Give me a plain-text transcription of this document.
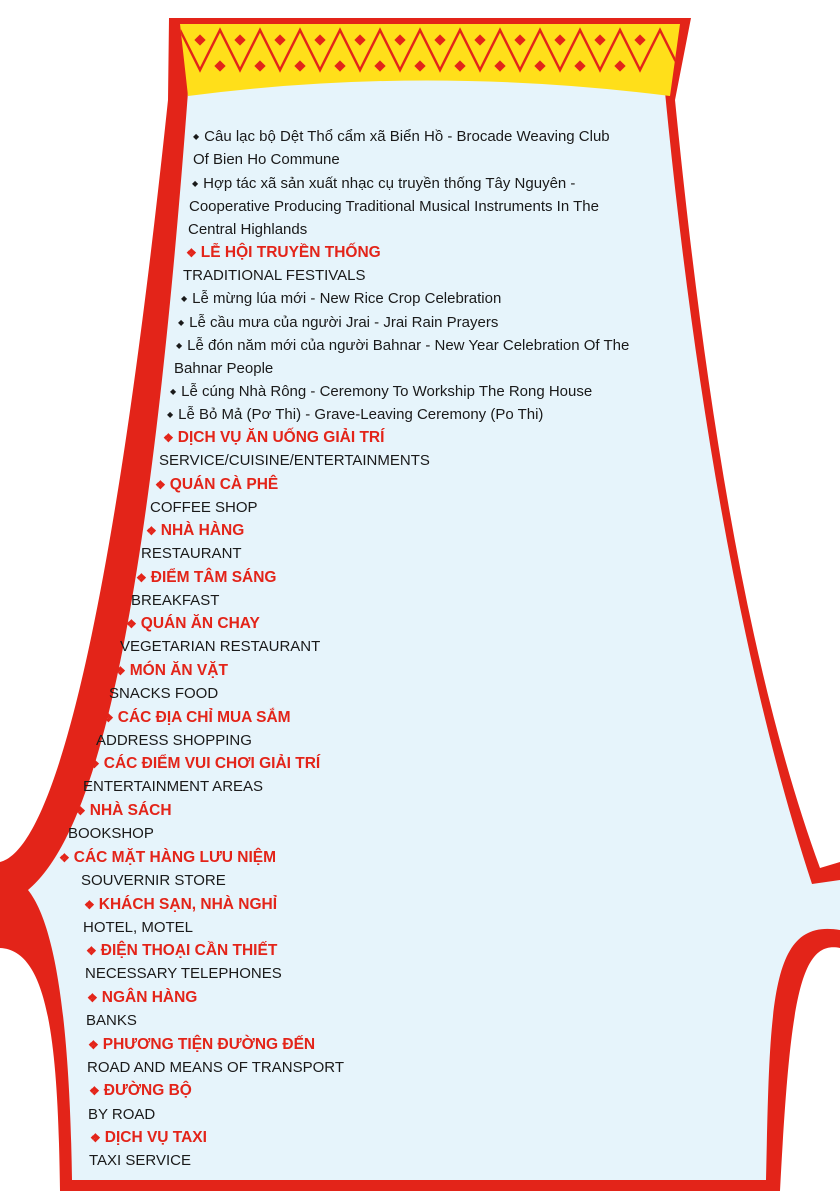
◆ Câu lạc bộ Dệt Thổ cẩm xã Biển Hồ - Brocade Weaving Club
Of Bien Ho Commune
◆ Hợp tác xã sản xuất nhạc cụ truyền thống Tây Nguyên -
Cooperative Producing Traditional Musical Instruments In The
Central Highlands
❖ LỄ HỘI TRUYỀN THỐNG
TRADITIONAL FESTIVALS
◆ Lễ mừng lúa mới - New Rice Crop Celebration
◆ Lễ cầu mưa của người Jrai - Jrai Rain Prayers
◆ Lễ đón năm mới của người Bahnar - New Year Celebration Of The
Bahnar People
◆ Lễ cúng Nhà Rông - Ceremony To Workship The Rong House
◆ Lễ Bỏ Mả (Pơ Thi) - Grave-Leaving Ceremony (Po Thi)
❖ DỊCH VỤ ĂN UỐNG GIẢI TRÍ
SERVICE/CUISINE/ENTERTAINMENTS
❖ QUÁN CÀ PHÊ
COFFEE SHOP
❖ NHÀ HÀNG
RESTAURANT
❖ ĐIỂM TÂM SÁNG
BREAKFAST
❖ QUÁN ĂN CHAY
VEGETARIAN RESTAURANT
❖ MÓN ĂN VẶT
SNACKS FOOD
❖ CÁC ĐỊA CHỈ MUA SẮM
ADDRESS SHOPPING
❖ CÁC ĐIỂM VUI CHƠI GIẢI TRÍ
ENTERTAINMENT AREAS
❖ NHÀ SÁCH
BOOKSHOP
❖ CÁC MẶT HÀNG LƯU NIỆM
SOUVERNIR STORE
❖ KHÁCH SẠN, NHÀ NGHỈ
HOTEL, MOTEL
❖ ĐIỆN THOẠI CẦN THIẾT
NECESSARY TELEPHONES
❖ NGÂN HÀNG
BANKS
❖ PHƯƠNG TIỆN ĐƯỜNG ĐẾN
ROAD AND MEANS OF TRANSPORT
❖ ĐƯỜNG BỘ
BY ROAD
❖ DỊCH VỤ TAXI
TAXI SERVICE
